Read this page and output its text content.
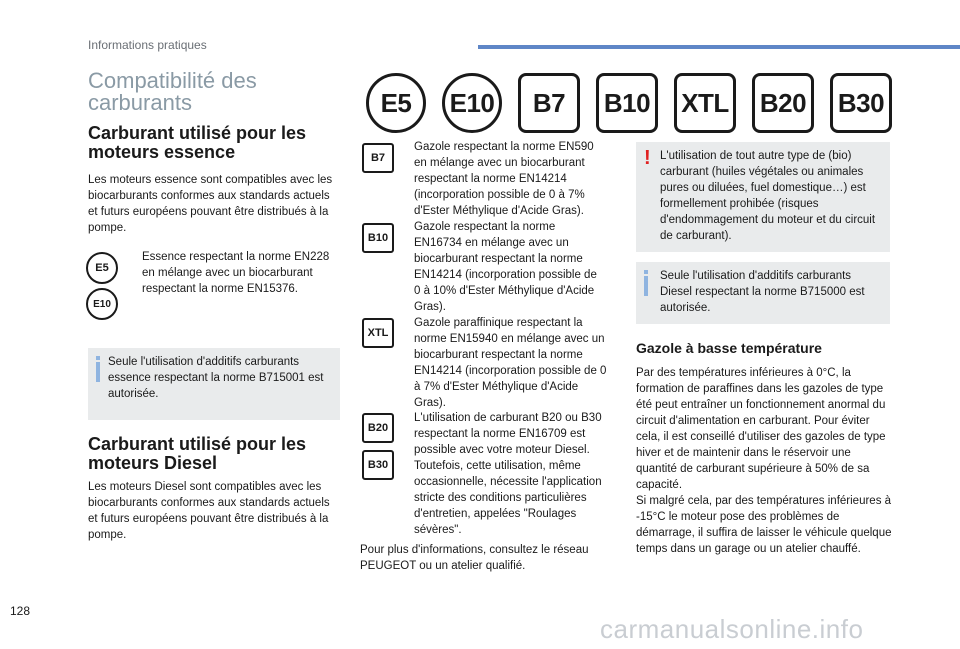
Informations pratiques
Compatibilité des carburants	E5	E10	B7	B10	XTL	B20	B30
Carburant utilisé pour les moteurs essence
Les moteurs essence sont compatibles avec les biocarburants conformes aux standards actuels et futurs européens pouvant être distribués à la pompe.
E5
E10
Essence respectant la norme EN228 en mélange avec un biocarburant respectant la norme EN15376.
Seule l'utilisation d'additifs carburants essence respectant la norme B715001 est autorisée.
Carburant utilisé pour les moteurs Diesel
Les moteurs Diesel sont compatibles avec les biocarburants conformes aux standards actuels et futurs européens pouvant être distribués à la pompe.
B7
Gazole respectant la norme EN590 en mélange avec un biocarburant respectant la norme EN14214 (incorporation possible de 0 à 7% d'Ester Méthylique d'Acide Gras).
B10
Gazole respectant la norme EN16734 en mélange avec un biocarburant respectant la norme EN14214 (incorporation possible de 0 à 10% d'Ester Méthylique d'Acide Gras).
XTL
Gazole paraffinique respectant la norme EN15940 en mélange avec un biocarburant respectant la norme EN14214 (incorporation possible de 0 à 7% d'Ester Méthylique d'Acide Gras).
B20
B30
L'utilisation de carburant B20 ou B30 respectant la norme EN16709 est possible avec votre moteur Diesel. Toutefois, cette utilisation, même occasionnelle, nécessite l'application stricte des conditions particulières d'entretien, appelées "Roulages sévères".
Pour plus d'informations, consultez le réseau PEUGEOT ou un atelier qualifié.
! L'utilisation de tout autre type de (bio) carburant (huiles végétales ou animales pures ou diluées, fuel domestique…) est formellement prohibée (risques d'endommagement du moteur et du circuit de carburant).
Seule l'utilisation d'additifs carburants Diesel respectant la norme B715000 est autorisée.
Gazole à basse température
Par des températures inférieures à 0°C, la formation de paraffines dans les gazoles de type été peut entraîner un fonctionnement anormal du circuit d'alimentation en carburant. Pour éviter cela, il est conseillé d'utiliser des gazoles de type hiver et de maintenir dans le réservoir une quantité de carburant supérieure à 50% de sa capacité.
Si malgré cela, par des températures inférieures à -15°C le moteur pose des problèmes de démarrage, il suffira de laisser le véhicule quelque temps dans un garage ou un atelier chauffé.
128
carmanualsonline.info
